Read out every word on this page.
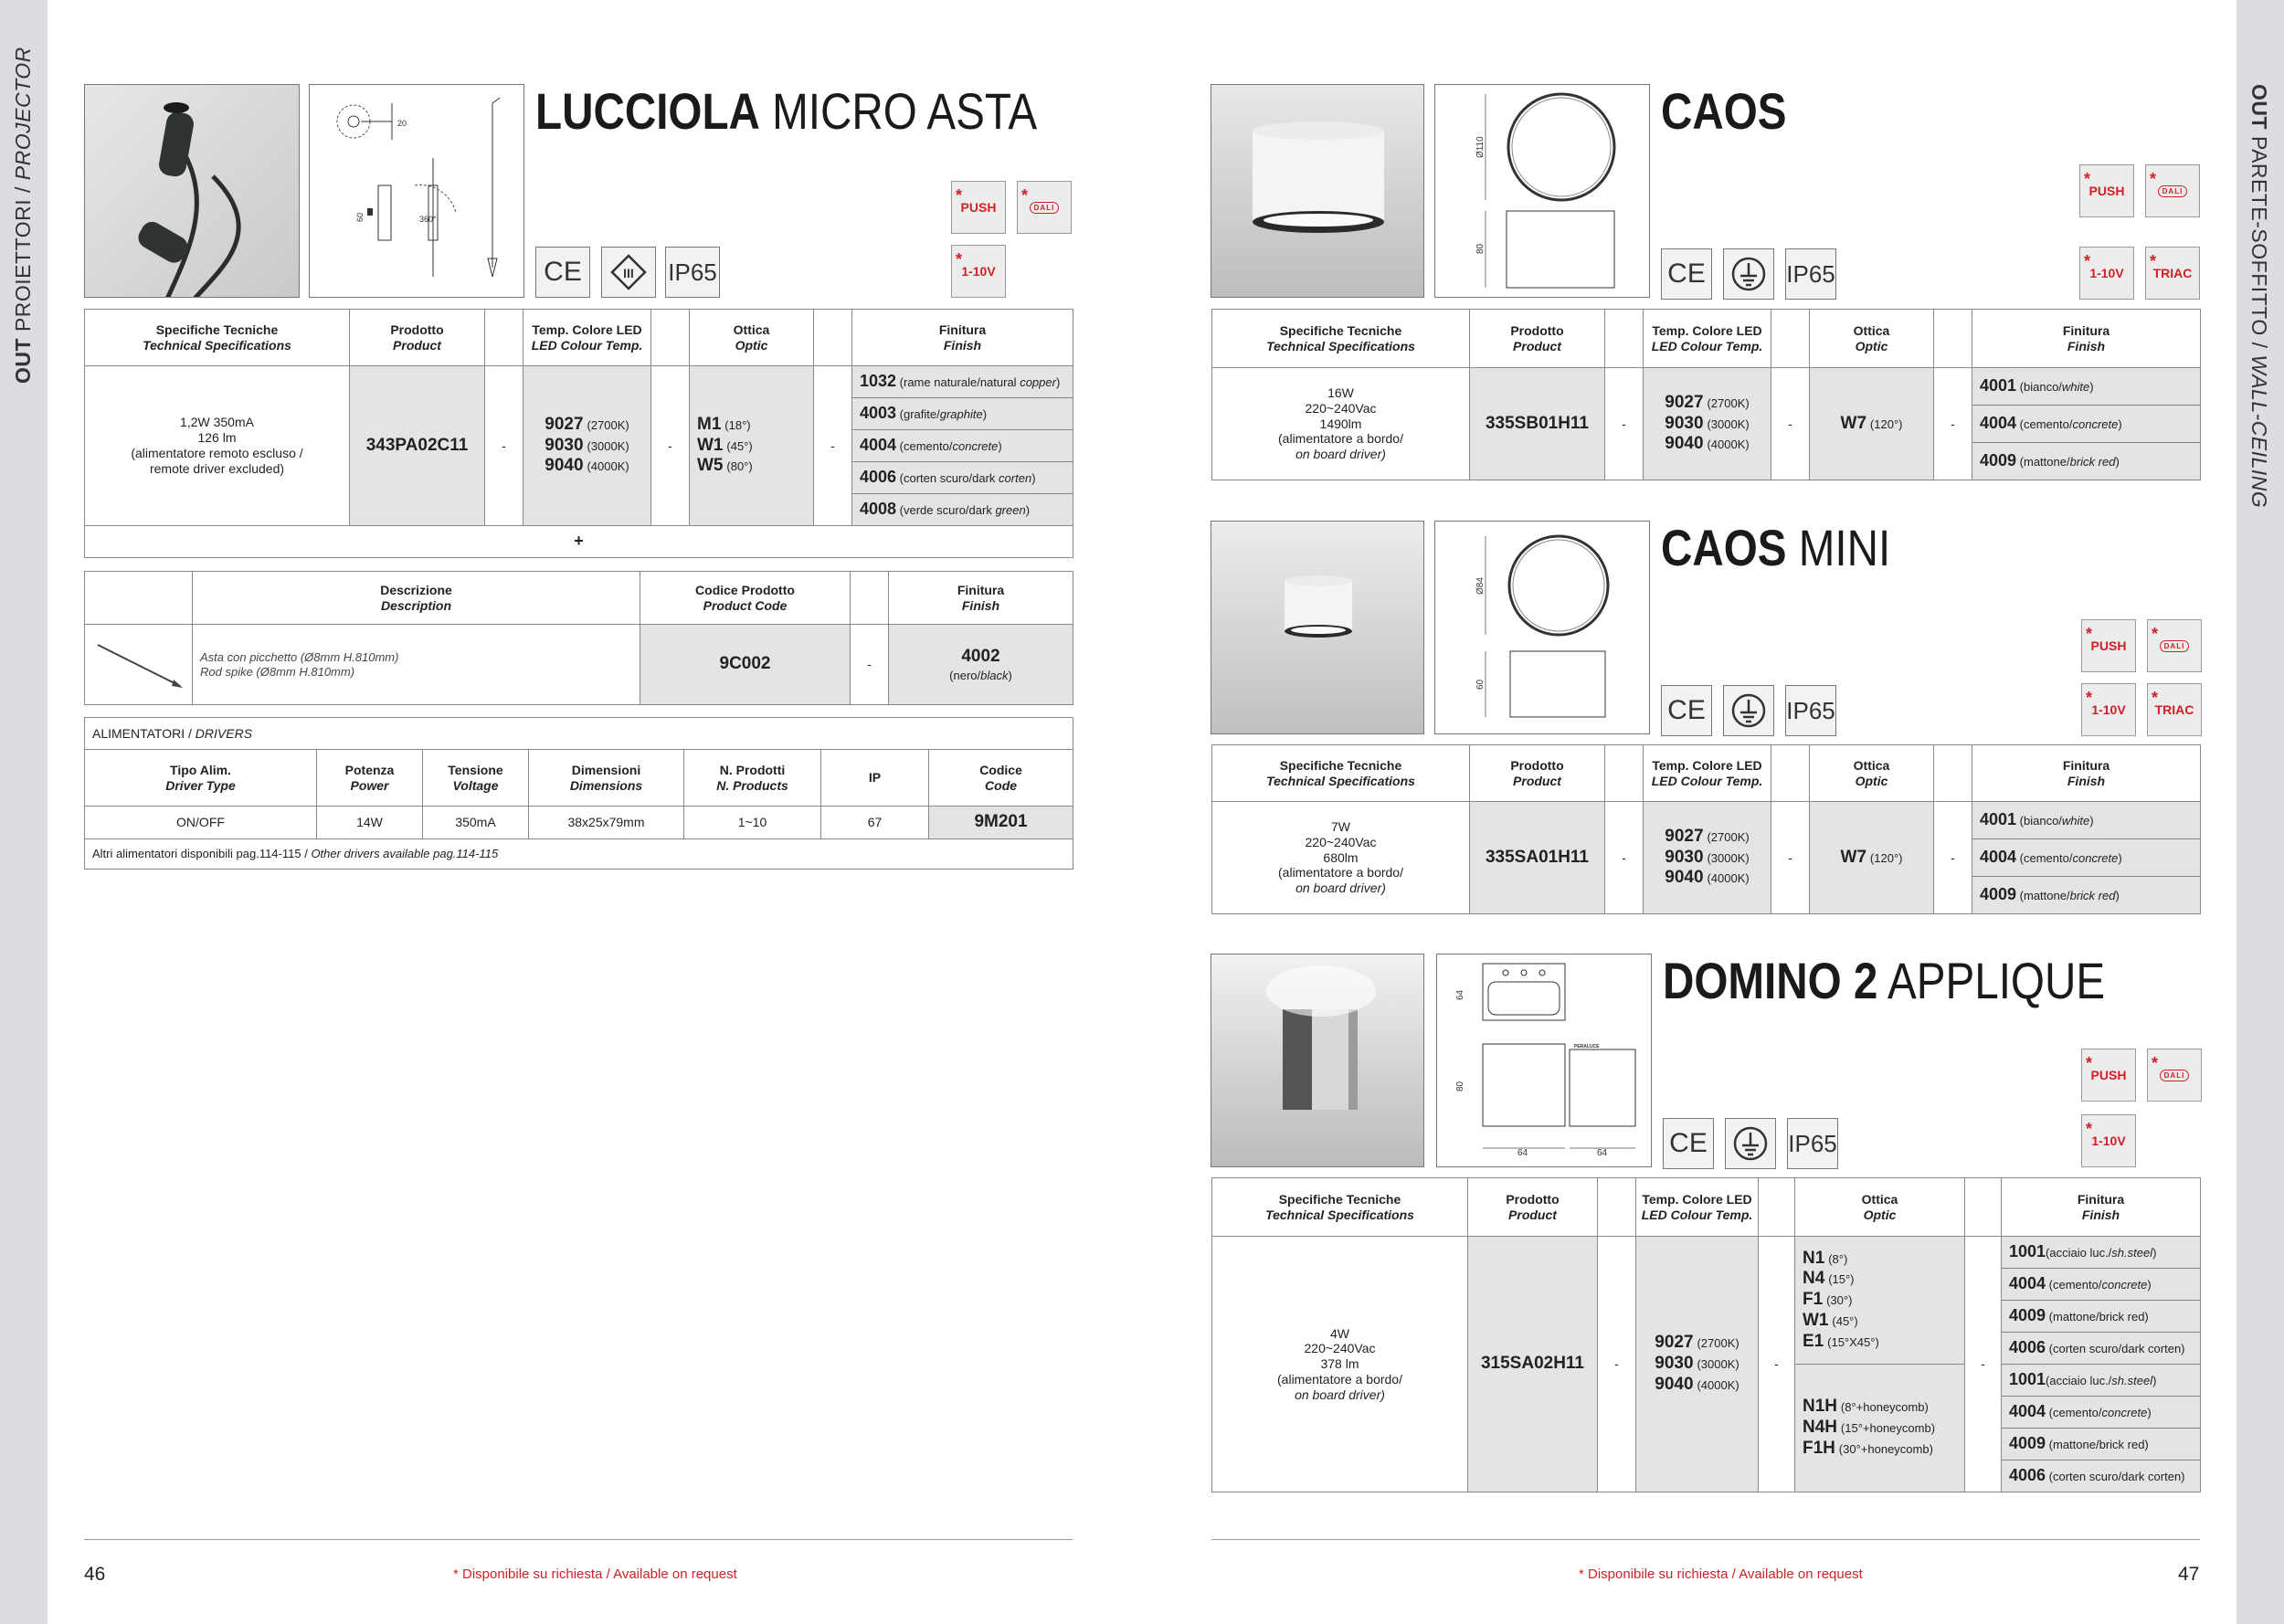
OUT PROIETTORI / PROJECTOR	OUT PARETE-SOFFITTO / WALL-CEILING
20
60	360°
LUCCIOLA MICRO ASTA
CE	III IP65
*
PUSH
*
DALI
*
1-10V
Specifiche Tecniche
Technical Specifications	Prodotto
Product		Temp. Colore LED
LED Colour Temp.		Ottica
Optic		Finitura
Finish
1,2W 350mA
126 lm
(alimentatore remoto escluso /
remote driver excluded)	343PA02C11	-	9027 (2700K)
9030 (3000K)
9040 (4000K)	-	M1 (18°)
W1 (45°)
W5 (80°)	-	1032 (rame naturale/natural copper)
							4003 (grafite/graphite)
							4004 (cemento/concrete)
							4006 (corten scuro/dark corten)
							4008 (verde scuro/dark green)
+							
	Descrizione
Description	Codice Prodotto
Product Code		Finitura
Finish
	Asta con picchetto (Ø8mm H.810mm)
Rod spike (Ø8mm H.810mm)	9C002	-	4002
(nero/black)
ALIMENTATORI / DRIVERS						
Tipo Alim.
Driver Type	Potenza
Power	Tensione
Voltage	Dimensioni
Dimensions	N. Prodotti
N. Products	IP	Codice
Code
ON/OFF	14W	350mA	38x25x79mm	1~10	67	9M201
Altri alimentatori disponibili pag.114-115 / Other drivers available pag.114-115						
Ø110
80
CAOS
CE	IP65
*
PUSH
*
DALI
*
1-10V
*
TRIAC
Specifiche Tecniche
Technical Specifications	Prodotto
Product		Temp. Colore LED
LED Colour Temp.		Ottica
Optic		Finitura
Finish
16W
220~240Vac
1490lm
(alimentatore a bordo/
on board driver)	335SB01H11	-	9027 (2700K)
9030 (3000K)
9040 (4000K)	-	W7 (120°)	-	4001 (bianco/white)
							4004 (cemento/concrete)
							4009 (mattone/brick red)
Ø84
60
CAOS MINI
CE	IP65
*
PUSH
*
DALI
*
1-10V
*
TRIAC
Specifiche Tecniche
Technical Specifications	Prodotto
Product		Temp. Colore LED
LED Colour Temp.		Ottica
Optic		Finitura
Finish
7W
220~240Vac
680lm
(alimentatore a bordo/
on board driver)	335SA01H11	-	9027 (2700K)
9030 (3000K)
9040 (4000K)	-	W7 (120°)	-	4001 (bianco/white)
							4004 (cemento/concrete)
							4009 (mattone/brick red)
64
PERALUCE
80
64	64
DOMINO 2 APPLIQUE
CE	IP65
*
PUSH
*
DALI
*
1-10V
Specifiche Tecniche
Technical Specifications	Prodotto
Product		Temp. Colore LED
LED Colour Temp.		Ottica
Optic		Finitura
Finish
4W
220~240Vac
378 lm
(alimentatore a bordo/
on board driver)	315SA02H11	-	9027 (2700K)
9030 (3000K)
9040 (4000K)	-	N1 (8°)
N4 (15°)
F1 (30°)
W1 (45°)
E1 (15°X45°)	-	1001(acciaio luc./sh.steel)
							4004 (cemento/concrete)
							4009 (mattone/brick red)
							4006 (corten scuro/dark corten)
					N1H (8°+honeycomb)
N4H (15°+honeycomb)
F1H (30°+honeycomb)		1001(acciaio luc./sh.steel)
							4004 (cemento/concrete)
							4009 (mattone/brick red)
							4006 (corten scuro/dark corten)
46	* Disponibile su richiesta / Available on request	* Disponibile su richiesta / Available on request	47
